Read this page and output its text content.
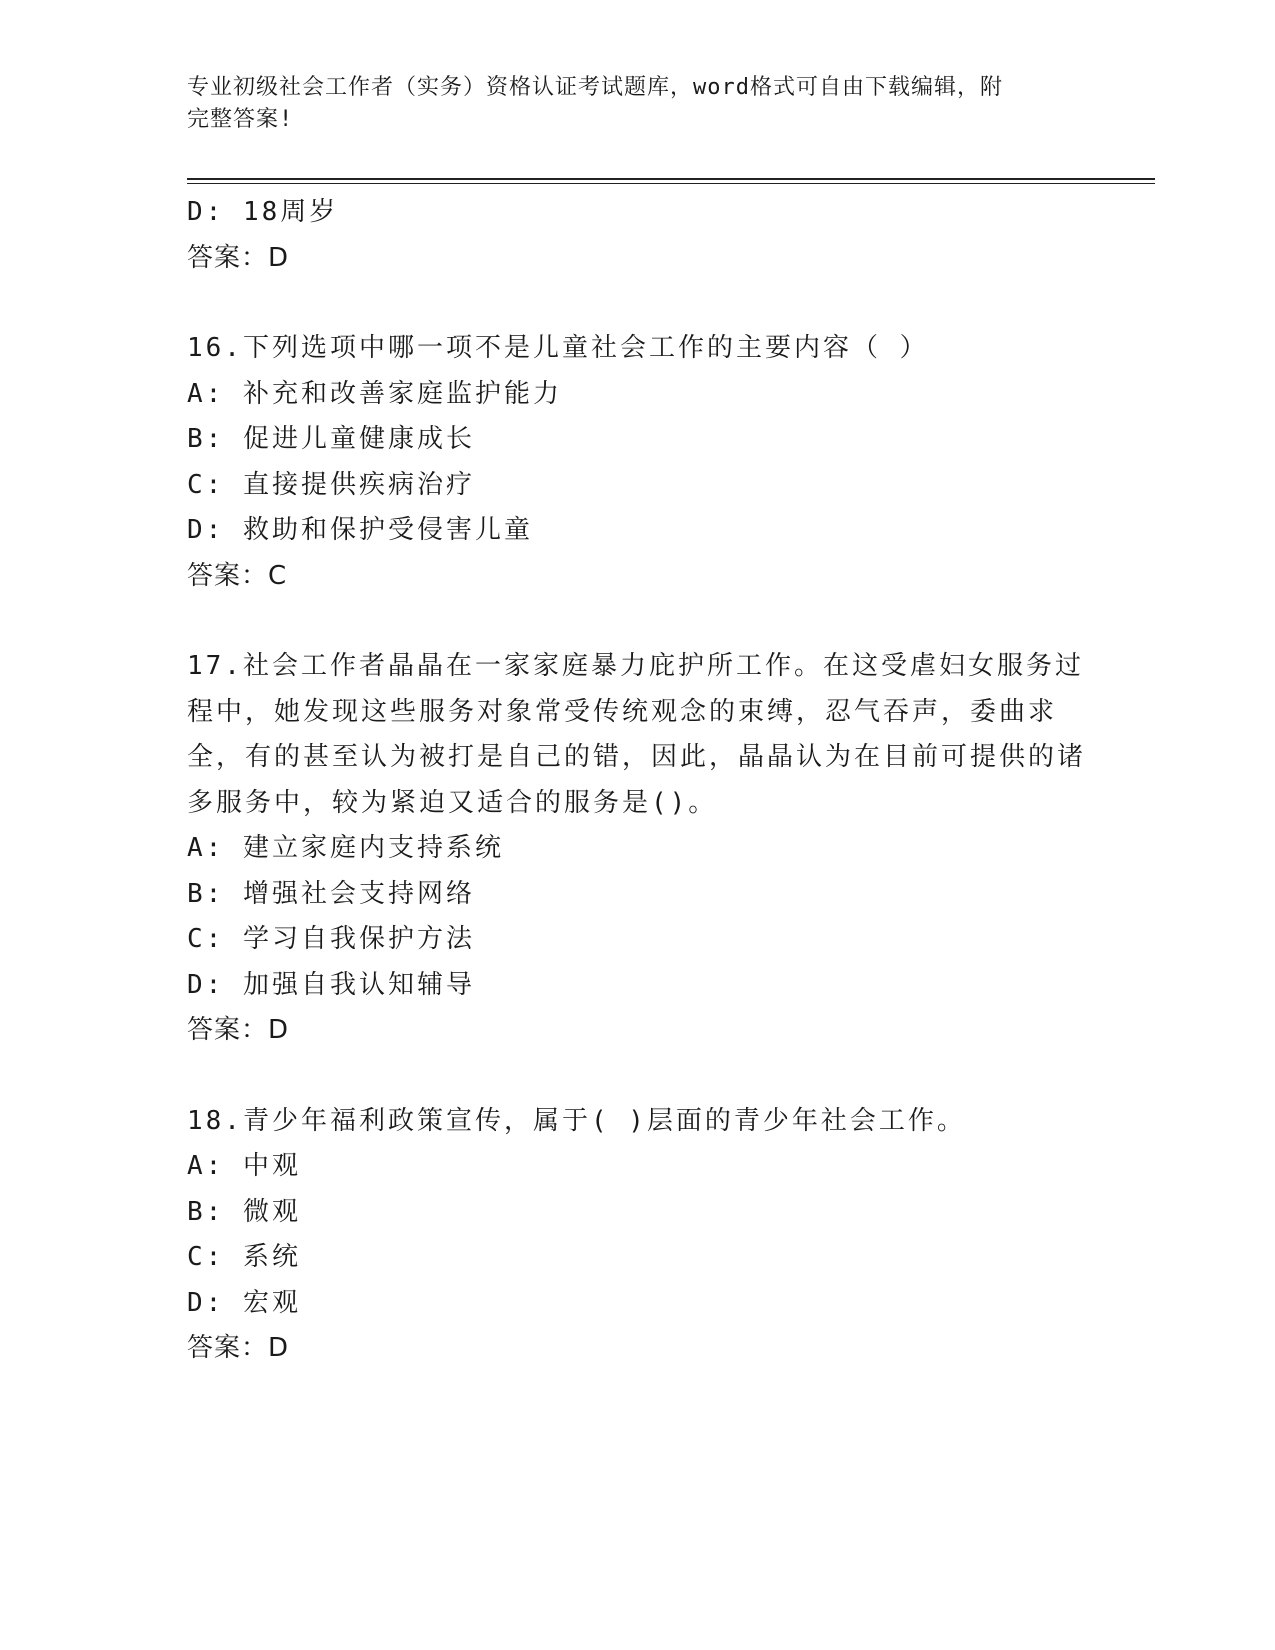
专业初级社会工作者（实务）资格认证考试题库，word格式可自由下载编辑，附
完整答案!
D: 18周岁
答案：D
16.下列选项中哪一项不是儿童社会工作的主要内容（ ）
A: 补充和改善家庭监护能力
B: 促进儿童健康成长
C: 直接提供疾病治疗
D: 救助和保护受侵害儿童
答案：C
17.社会工作者晶晶在一家家庭暴力庇护所工作。在这受虐妇女服务过程中，她发现这些服务对象常受传统观念的束缚，忍气吞声，委曲求全，有的甚至认为被打是自己的错，因此，晶晶认为在目前可提供的诸多服务中，较为紧迫又适合的服务是()。
A: 建立家庭内支持系统
B: 增强社会支持网络
C: 学习自我保护方法
D: 加强自我认知辅导
答案：D
18.青少年福利政策宣传，属于( )层面的青少年社会工作。
A: 中观
B: 微观
C: 系统
D: 宏观
答案：D
